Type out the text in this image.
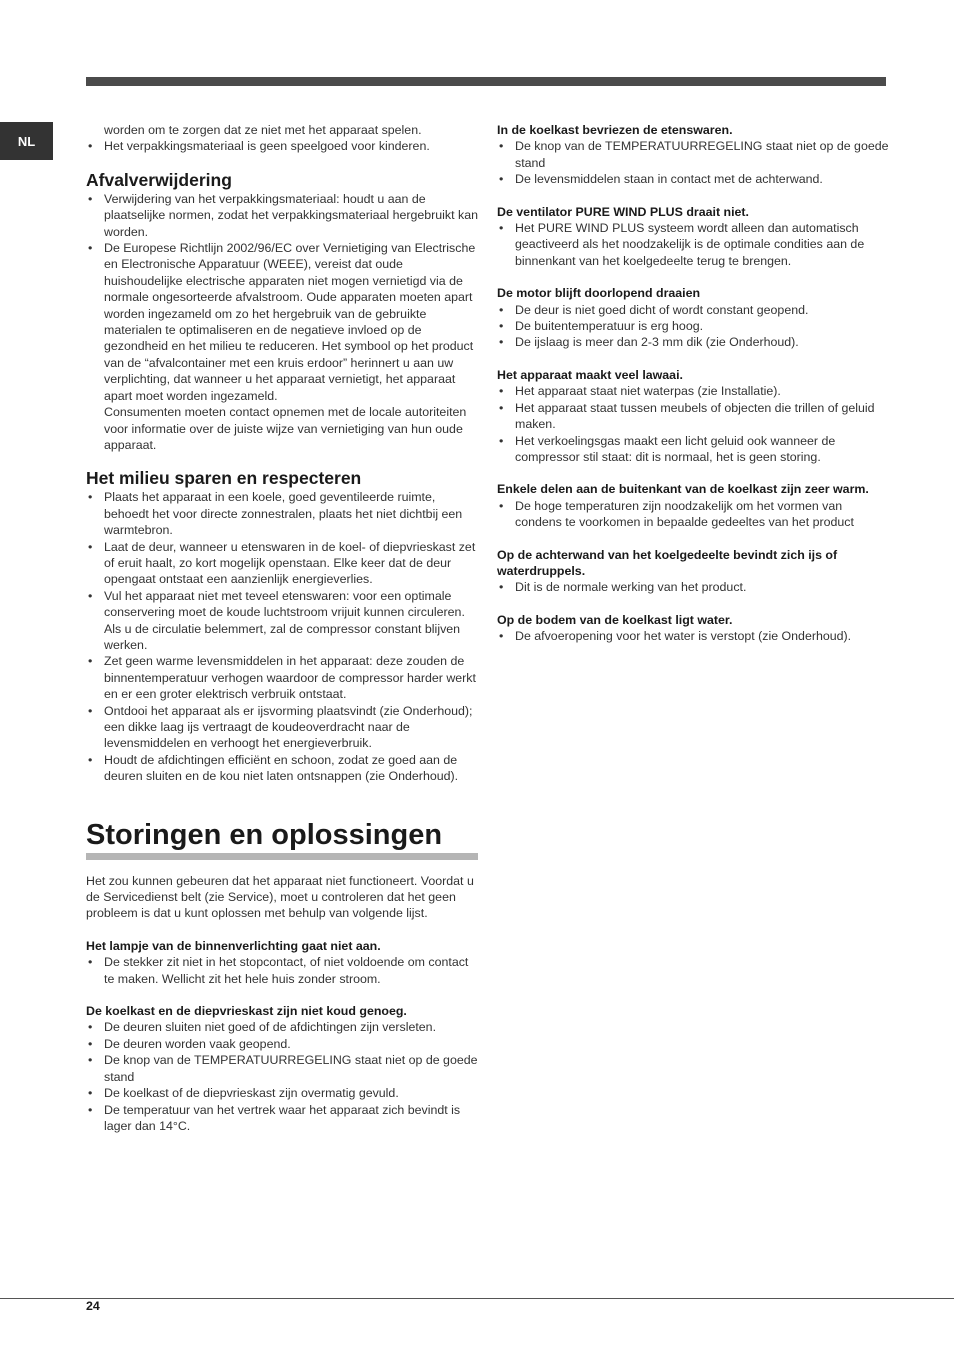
NL

worden om te zorgen dat ze niet met het apparaat spelen.

• Het verpakkingsmateriaal is geen speelgoed voor kinderen.
Afvalverwijdering
• Verwijdering van het verpakkingsmateriaal: houdt u aan de plaatselijke normen, zodat het verpakkingsmateriaal hergebruikt kan worden.
• De Europese Richtlijn 2002/96/EC over Vernietiging van Electrische en Electronische Apparatuur (WEEE), vereist dat oude huishoudelijke electrische apparaten niet mogen vernietigd via de normale ongesorteerde afvalstroom. Oude apparaten moeten apart worden ingezameld om zo het hergebruik van de gebruikte materialen te optimaliseren en de negatieve invloed op de gezondheid en het milieu te reduceren. Het symbool op het product van de “afvalcontainer met een kruis erdoor” herinnert u aan uw verplichting, dat wanneer u het apparaat vernietigt, het apparaat apart moet worden ingezameld.

Consumenten moeten contact opnemen met de locale autoriteiten voor informatie over de juiste wijze van vernietiging van hun oude apparaat.

Het milieu sparen en respecteren
• Plaats het apparaat in een koele, goed geventileerde ruimte, behoedt het voor directe zonnestralen, plaats het niet dichtbij een warmtebron.
• Laat de deur, wanneer u etenswaren in de koel- of diepvrieskast zet of eruit haalt, zo kort mogelijk openstaan. Elke keer dat de deur opengaat ontstaat een aanzienlijk energieverlies.
• Vul het apparaat niet met teveel etenswaren: voor een optimale conservering moet de koude luchtstroom vrijuit kunnen circuleren. Als u de circulatie belemmert, zal de compressor constant blijven werken.
• Zet geen warme levensmiddelen in het apparaat: deze zouden de binnentemperatuur verhogen waardoor de compressor harder werkt en er een groter elektrisch verbruik ontstaat.
• Ontdooi het apparaat als er ijsvorming plaatsvindt (zie Onderhoud); een dikke laag ijs vertraagt de koudeoverdracht naar de levensmiddelen en verhoogt het energieverbruik.
• Houdt de afdichtingen efficiënt en schoon, zodat ze goed aan de deuren sluiten en de kou niet laten ontsnappen (zie Onderhoud).
Storingen en oplossingen

Het zou kunnen gebeuren dat het apparaat niet functioneert. Voordat u de Servicedienst belt (zie Service), moet u controleren dat het geen probleem is dat u kunt oplossen met behulp van volgende lijst.

Het lampje van de binnenverlichting gaat niet aan.
• De stekker zit niet in het stopcontact, of niet voldoende om contact te maken. Wellicht zit het hele huis zonder stroom.
De koelkast en de diepvrieskast zijn niet koud genoeg.
• De deuren sluiten niet goed of de afdichtingen zijn versleten.
• De deuren worden vaak geopend.
• De knop van de TEMPERATUURREGELING staat niet op de goede stand
• De koelkast of de diepvrieskast zijn overmatig gevuld.
• De temperatuur van het vertrek waar het apparaat zich bevindt is lager dan 14°C.
In de koelkast bevriezen de etenswaren.
• De knop van de TEMPERATUURREGELING staat niet op de goede stand
• De levensmiddelen staan in contact met de achterwand.
De ventilator PURE WIND PLUS draait niet.
• Het PURE WIND PLUS systeem wordt alleen dan automatisch geactiveerd als het noodzakelijk is de optimale condities aan de binnenkant van het koelgedeelte terug te brengen.
De motor blijft doorlopend draaien
• De deur is niet goed dicht of wordt constant geopend.
• De buitentemperatuur is erg hoog.
• De ijslaag is meer dan 2-3 mm dik (zie Onderhoud).
Het apparaat maakt veel lawaai.
• Het apparaat staat niet waterpas (zie Installatie).
• Het apparaat staat tussen meubels of objecten die trillen of geluid maken.
• Het verkoelingsgas maakt een licht geluid ook wanneer de compressor stil staat: dit is normaal, het is geen storing.
Enkele delen aan de buitenkant van de koelkast zijn zeer warm.
• De hoge temperaturen zijn noodzakelijk om het vormen van condens te voorkomen in bepaalde gedeeltes van het product
Op de achterwand van het koelgedeelte bevindt zich ijs of waterdruppels.
• Dit is de normale werking van het product.
Op de bodem van de koelkast ligt water.
• De afvoeropening voor het water is verstopt (zie Onderhoud).
24
